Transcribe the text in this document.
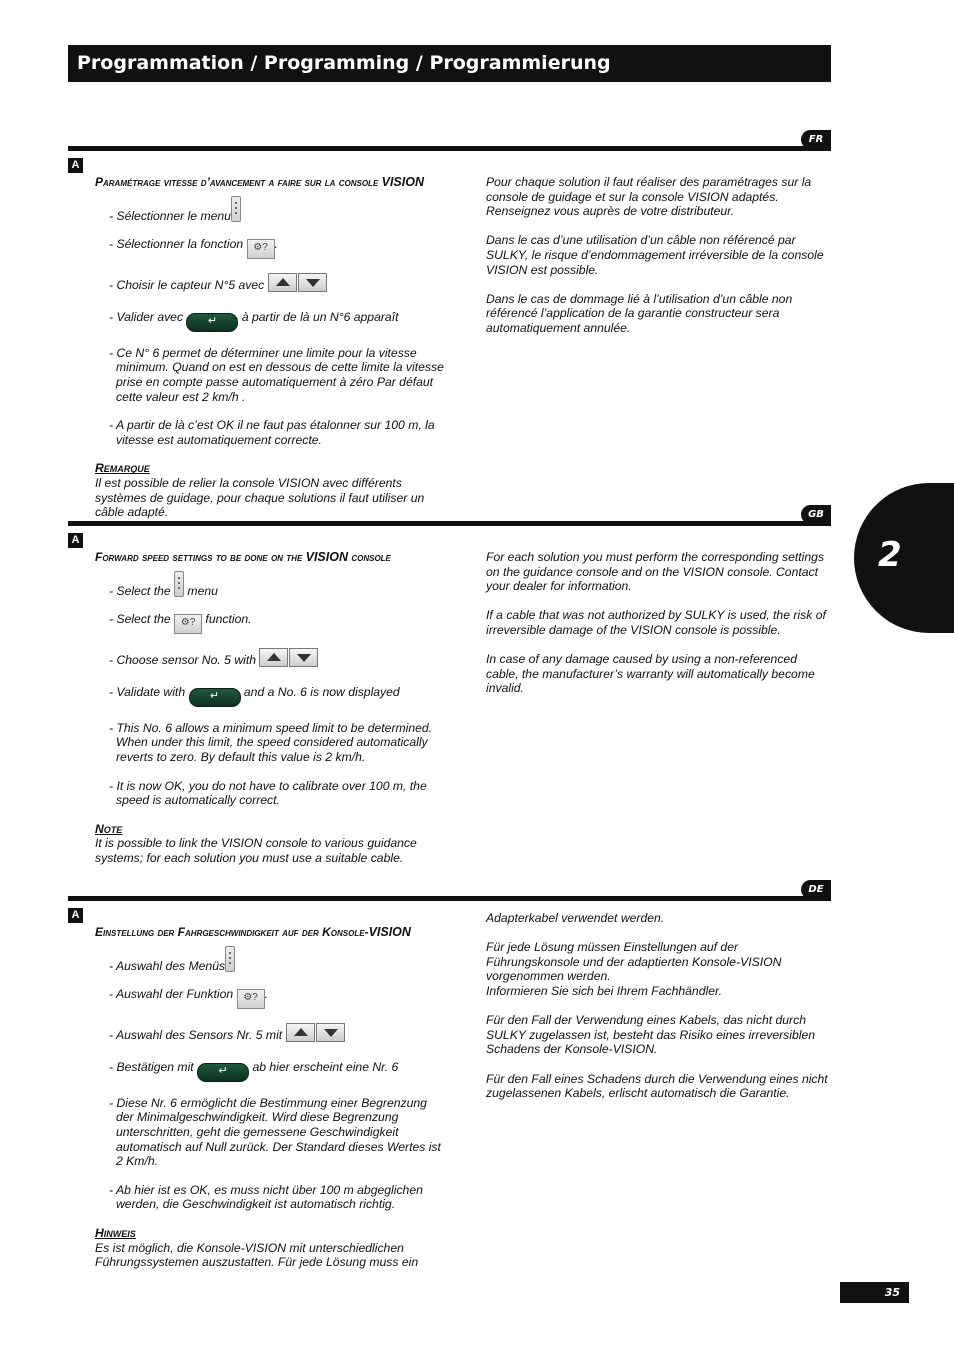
Programmation / Programming / Programmierung
FR
A
Paramétrage vitesse d’avancement a faire sur la console VISION
- Sélectionner le menu
- Sélectionner la fonction ⚙? .
- Choisir le capteur N°5 avec
- Valider avec ↵ à partir de là un N°6 apparaît
- Ce N° 6 permet de déterminer une limite pour la vitesse minimum. Quand on est en dessous de cette limite la vitesse prise en compte passe automatiquement à zéro Par défaut cette valeur est 2 km/h .
- A partir de là c’est OK il ne faut pas étalonner sur 100 m, la vitesse est automatiquement correcte.
Remarque
Il est possible de relier la console VISION avec différents systèmes de guidage, pour chaque solutions il faut utiliser un câble adapté.
Pour chaque solution il faut réaliser des paramétrages sur la console de guidage et sur la console VISION adaptés. Renseignez vous auprès de votre distributeur.
Dans le cas d’une utilisation d’un câble non référencé par SULKY, le risque d’endommagement irréversible de la console VISION est possible.
Dans le cas de dommage lié à l’utilisation d’un câble non référencé l’application de la garantie constructeur sera automatiquement annulée.
GB
A
Forward speed settings to be done on the VISION console
- Select the  menu
- Select the ⚙? function.
- Choose sensor No. 5 with
- Validate with ↵ and a No. 6 is now displayed
- This No. 6 allows a minimum speed limit to be determined. When under this limit, the speed considered automatically reverts to zero. By default this value is 2 km/h.
- It is now OK, you do not have to calibrate over 100 m, the speed is automatically correct.
Note
It is possible to link the VISION console to various guidance systems; for each solution you must use a suitable cable.
For each solution you must perform the corresponding settings on the guidance console and on the VISION console. Contact your dealer for information.
If a cable that was not authorized by SULKY is used, the risk of irreversible damage of the VISION console is possible.
In case of any damage caused by using a non-referenced cable, the manufacturer’s warranty will automatically become invalid.
DE
A
Einstellung der Fahrgeschwindigkeit auf der Konsole-VISION
- Auswahl des Menüs
- Auswahl der Funktion ⚙? .
- Auswahl des Sensors Nr. 5 mit
- Bestätigen mit ↵ ab hier erscheint eine Nr. 6
- Diese Nr. 6 ermöglicht die Bestimmung einer Begrenzung der Minimalgeschwindigkeit. Wird diese Begrenzung unterschritten, geht die gemessene Geschwindigkeit automatisch auf Null zurück. Der Standard dieses Wertes ist 2 Km/h.
- Ab hier ist es OK, es muss nicht über 100 m abgeglichen werden, die Geschwindigkeit ist automatisch richtig.
Hinweis
Es ist möglich, die Konsole-VISION mit unterschiedlichen Führungssystemen auszustatten. Für jede Lösung muss ein
Adapterkabel verwendet werden.
Für jede Lösung müssen Einstellungen auf der Führungskonsole und der adaptierten Konsole-VISION vorgenommen werden.
Informieren Sie sich bei Ihrem Fachhändler.
Für den Fall der Verwendung eines Kabels, das nicht durch SULKY zugelassen ist, besteht das Risiko eines irreversiblen Schadens der Konsole-VISION.
Für den Fall eines Schadens durch die Verwendung eines nicht zugelassenen Kabels, erlischt automatisch die Garantie.
2
35
